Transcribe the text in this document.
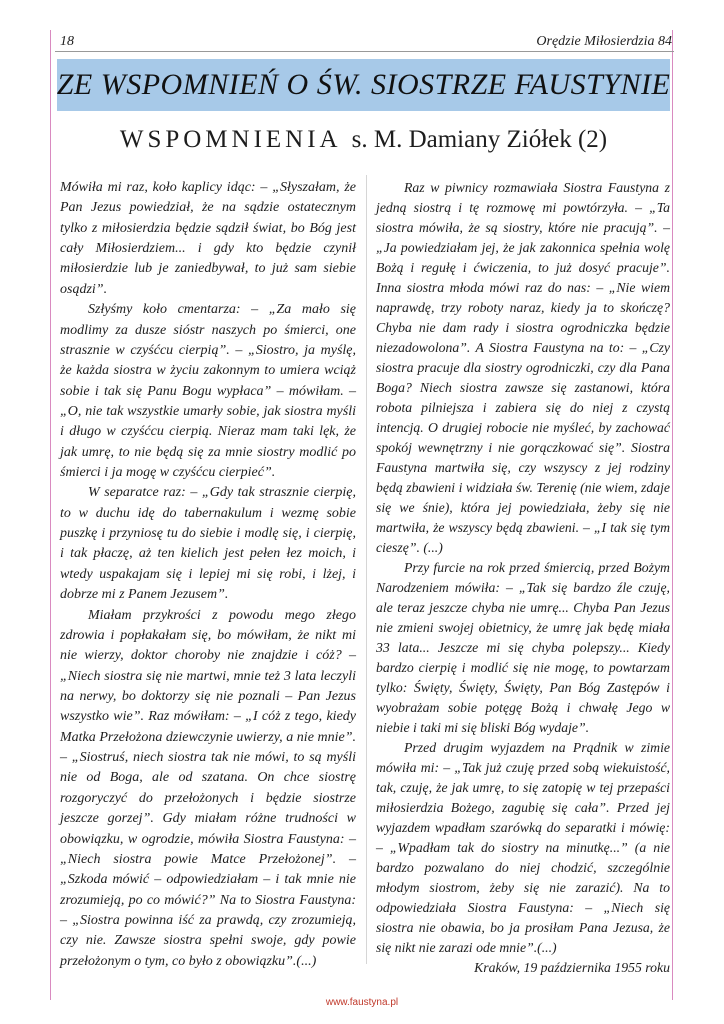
18	Orędzie Miłosierdzia 84
ZE WSPOMNIEŃ O ŚW. SIOSTRZE FAUSTYNIE
WSPOMNIENIA s. M. Damiany Ziółek (2)

Mówiła mi raz, koło kaplicy idąc: – „Słyszałam, że Pan Jezus powiedział, że na sądzie ostatecznym tylko z miłosierdzia będzie sądził świat, bo Bóg jest cały Miłosierdziem... i gdy kto będzie czynił miłosierdzie lub je zaniedbywał, to już sam siebie osądzi”.

Szłyśmy koło cmentarza: – „Za mało się modlimy za dusze sióstr naszych po śmierci, one strasznie w czyśćcu cierpią”. – „Siostro, ja myślę, że każda siostra w życiu zakonnym to umiera wciąż sobie i tak się Panu Bogu wypłaca” – mówiłam. – „O, nie tak wszystkie umarły sobie, jak siostra myśli i długo w czyśćcu cierpią. Nieraz mam taki lęk, że jak umrę, to nie będą się za mnie siostry modlić po śmierci i ja mogę w czyśćcu cierpieć”.

W separatce raz: – „Gdy tak strasznie cierpię, to w duchu idę do tabernakulum i wezmę sobie puszkę i przyniosę tu do siebie i modlę się, i cierpię, i tak płaczę, aż ten kielich jest pełen łez moich, i wtedy uspakajam się i lepiej mi się robi, i lżej, i dobrze mi z Panem Jezusem”.

Miałam przykrości z powodu mego złego zdrowia i popłakałam się, bo mówiłam, że nikt mi nie wierzy, doktor choroby nie znajdzie i cóż? – „Niech siostra się nie martwi, mnie też 3 lata leczyli na nerwy, bo doktorzy się nie poznali – Pan Jezus wszystko wie”. Raz mówiłam: – „I cóż z tego, kiedy Matka Przełożona dziewczynie uwierzy, a nie mnie”. – „Siostruś, niech siostra tak nie mówi, to są myśli nie od Boga, ale od szatana. On chce siostrę rozgoryczyć do przełożonych i będzie siostrze jeszcze gorzej”. Gdy miałam różne trudności w obowiązku, w ogrodzie, mówiła Siostra Faustyna: – „Niech siostra powie Matce Przełożonej”. – „Szkoda mówić – odpowiedziałam – i tak mnie nie zrozumieją, po co mówić?” Na to Siostra Faustyna: – „Siostra powinna iść za prawdą, czy zrozumieją, czy nie. Zawsze siostra spełni swoje, gdy powie przełożonym o tym, co było z obowiązku”.(...)

Raz w piwnicy rozmawiała Siostra Faustyna z jedną siostrą i tę rozmowę mi powtórzyła. – „Ta siostra mówiła, że są siostry, które nie pracują”. – „Ja powiedziałam jej, że jak zakonnica spełnia wolę Bożą i regułę i ćwiczenia, to już dosyć pracuje”. Inna siostra młoda mówi raz do nas: – „Nie wiem naprawdę, trzy roboty naraz, kiedy ja to skończę? Chyba nie dam rady i siostra ogrodniczka będzie niezadowolona”. A Siostra Faustyna na to: – „Czy siostra pracuje dla siostry ogrodniczki, czy dla Pana Boga? Niech siostra zawsze się zastanowi, która robota pilniejsza i zabiera się do niej z czystą intencją. O drugiej robocie nie myśleć, by zachować spokój wewnętrzny i nie gorączkować się”. Siostra Faustyna martwiła się, czy wszyscy z jej rodziny będą zbawieni i widziała św. Terenię (nie wiem, zdaje się we śnie), która jej powiedziała, żeby się nie martwiła, że wszyscy będą zbawieni. – „I tak się tym cieszę”. (...)

Przy furcie na rok przed śmiercią, przed Bożym Narodzeniem mówiła: – „Tak się bardzo źle czuję, ale teraz jeszcze chyba nie umrę... Chyba Pan Jezus nie zmieni swojej obietnicy, że umrę jak będę miała 33 lata... Jeszcze mi się chyba polepszy... Kiedy bardzo cierpię i modlić się nie mogę, to powtarzam tylko: Święty, Święty, Święty, Pan Bóg Zastępów i wyobrażam sobie potęgę Bożą i chwałę Jego w niebie i taki mi się bliski Bóg wydaje”.

Przed drugim wyjazdem na Prądnik w zimie mówiła mi: – „Tak już czuję przed sobą wiekuistość, tak, czuję, że jak umrę, to się zatopię w tej przepaści miłosierdzia Bożego, zagubię się cała”. Przed jej wyjazdem wpadłam szarówką do separatki i mówię: – „Wpadłam tak do siostry na minutkę...” (a nie bardzo pozwalano do niej chodzić, szczególnie młodym siostrom, żeby się nie zarazić). Na to odpowiedziała Siostra Faustyna: – „Niech się siostra nie obawia, bo ja prosiłam Pana Jezusa, że się nikt nie zarazi ode mnie”.(...)

Kraków, 19 października 1955 roku

www.faustyna.pl
